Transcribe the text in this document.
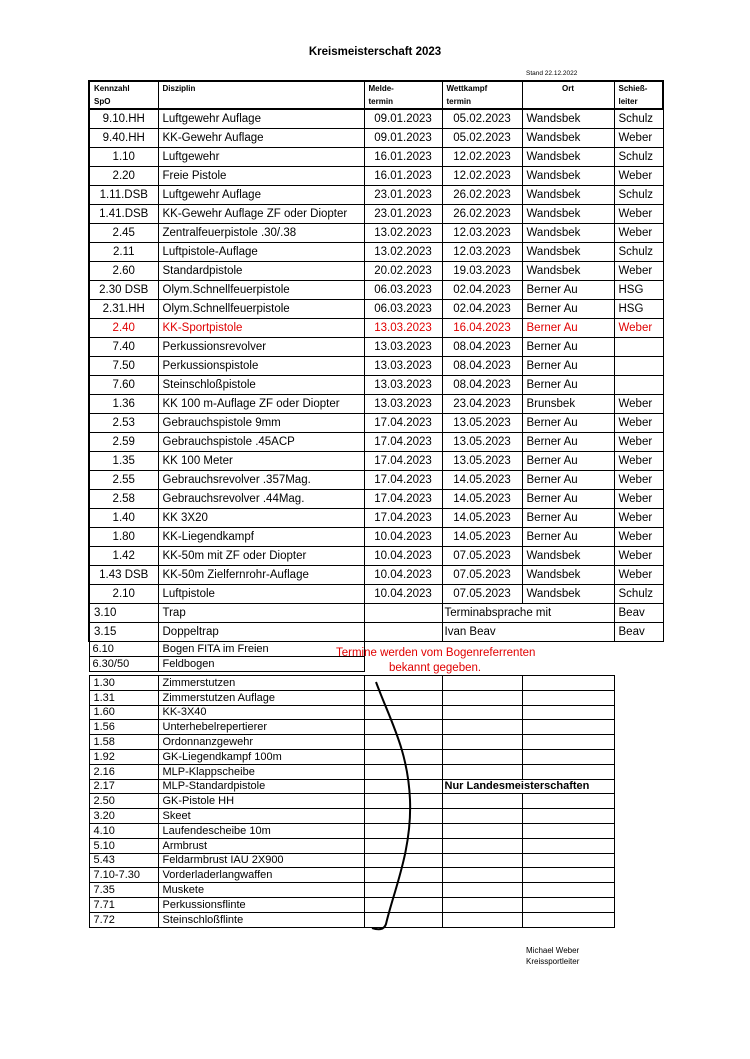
Kreismeisterschaft 2023
Stand 22.12.2022
Kennzahl	Disziplin	Melde-	Wettkampf	Ort	Schieß-
SpO		termin	termin		leiter
9.10.HH	Luftgewehr Auflage	09.01.2023	05.02.2023	Wandsbek	Schulz
9.40.HH	KK-Gewehr Auflage	09.01.2023	05.02.2023	Wandsbek	Weber
1.10	Luftgewehr	16.01.2023	12.02.2023	Wandsbek	Schulz
2.20	Freie Pistole	16.01.2023	12.02.2023	Wandsbek	Weber
1.11.DSB	Luftgewehr Auflage	23.01.2023	26.02.2023	Wandsbek	Schulz
1.41.DSB	KK-Gewehr Auflage ZF oder Diopter	23.01.2023	26.02.2023	Wandsbek	Weber
2.45	Zentralfeuerpistole .30/.38	13.02.2023	12.03.2023	Wandsbek	Weber
2.11	Luftpistole-Auflage	13.02.2023	12.03.2023	Wandsbek	Schulz
2.60	Standardpistole	20.02.2023	19.03.2023	Wandsbek	Weber
2.30 DSB	Olym.Schnellfeuerpistole	06.03.2023	02.04.2023	Berner Au	HSG
2.31.HH	Olym.Schnellfeuerpistole	06.03.2023	02.04.2023	Berner Au	HSG
2.40	KK-Sportpistole	13.03.2023	16.04.2023	Berner Au	Weber
7.40	Perkussionsrevolver	13.03.2023	08.04.2023	Berner Au	
7.50	Perkussionspistole	13.03.2023	08.04.2023	Berner Au	
7.60	Steinschloßpistole	13.03.2023	08.04.2023	Berner Au	
1.36	KK 100 m-Auflage ZF oder Diopter	13.03.2023	23.04.2023	Brunsbek	Weber
2.53	Gebrauchspistole 9mm	17.04.2023	13.05.2023	Berner Au	Weber
2.59	Gebrauchspistole .45ACP	17.04.2023	13.05.2023	Berner Au	Weber
1.35	KK 100 Meter	17.04.2023	13.05.2023	Berner Au	Weber
2.55	Gebrauchsrevolver .357Mag.	17.04.2023	14.05.2023	Berner Au	Weber
2.58	Gebrauchsrevolver .44Mag.	17.04.2023	14.05.2023	Berner Au	Weber
1.40	KK 3X20	17.04.2023	14.05.2023	Berner Au	Weber
1.80	KK-Liegendkampf	10.04.2023	14.05.2023	Berner Au	Weber
1.42	KK-50m mit ZF oder Diopter	10.04.2023	07.05.2023	Wandsbek	Weber
1.43 DSB	KK-50m Zielfernrohr-Auflage	10.04.2023	07.05.2023	Wandsbek	Weber
2.10	Luftpistole	10.04.2023	07.05.2023	Wandsbek	Schulz
3.10	Trap		Terminabsprache mit		Beav
3.15	Doppeltrap		Ivan Beav		Beav
6.10	Bogen FITA im Freien				
6.30/50	Feldbogen				

1.30	Zimmerstutzen				
1.31	Zimmerstutzen Auflage				
1.60	KK-3X40				
1.56	Unterhebelrepertierer				
1.58	Ordonnanzgewehr				
1.92	GK-Liegendkampf 100m				
2.16	MLP-Klappscheibe				
2.17	MLP-Standardpistole		Nur Landesmeisterschaften		
2.50	GK-Pistole HH				
3.20	Skeet				
4.10	Laufendescheibe 10m				
5.10	Armbrust				
5.43	Feldarmbrust IAU 2X900				
7.10-7.30	Vorderladerlangwaffen				
7.35	Muskete				
7.71	Perkussionsflinte				
7.72	Steinschloßflinte				
Termine werden vom Bogenreferrenten
bekannt gegeben.
Michael Weber
Kreissportleiter
